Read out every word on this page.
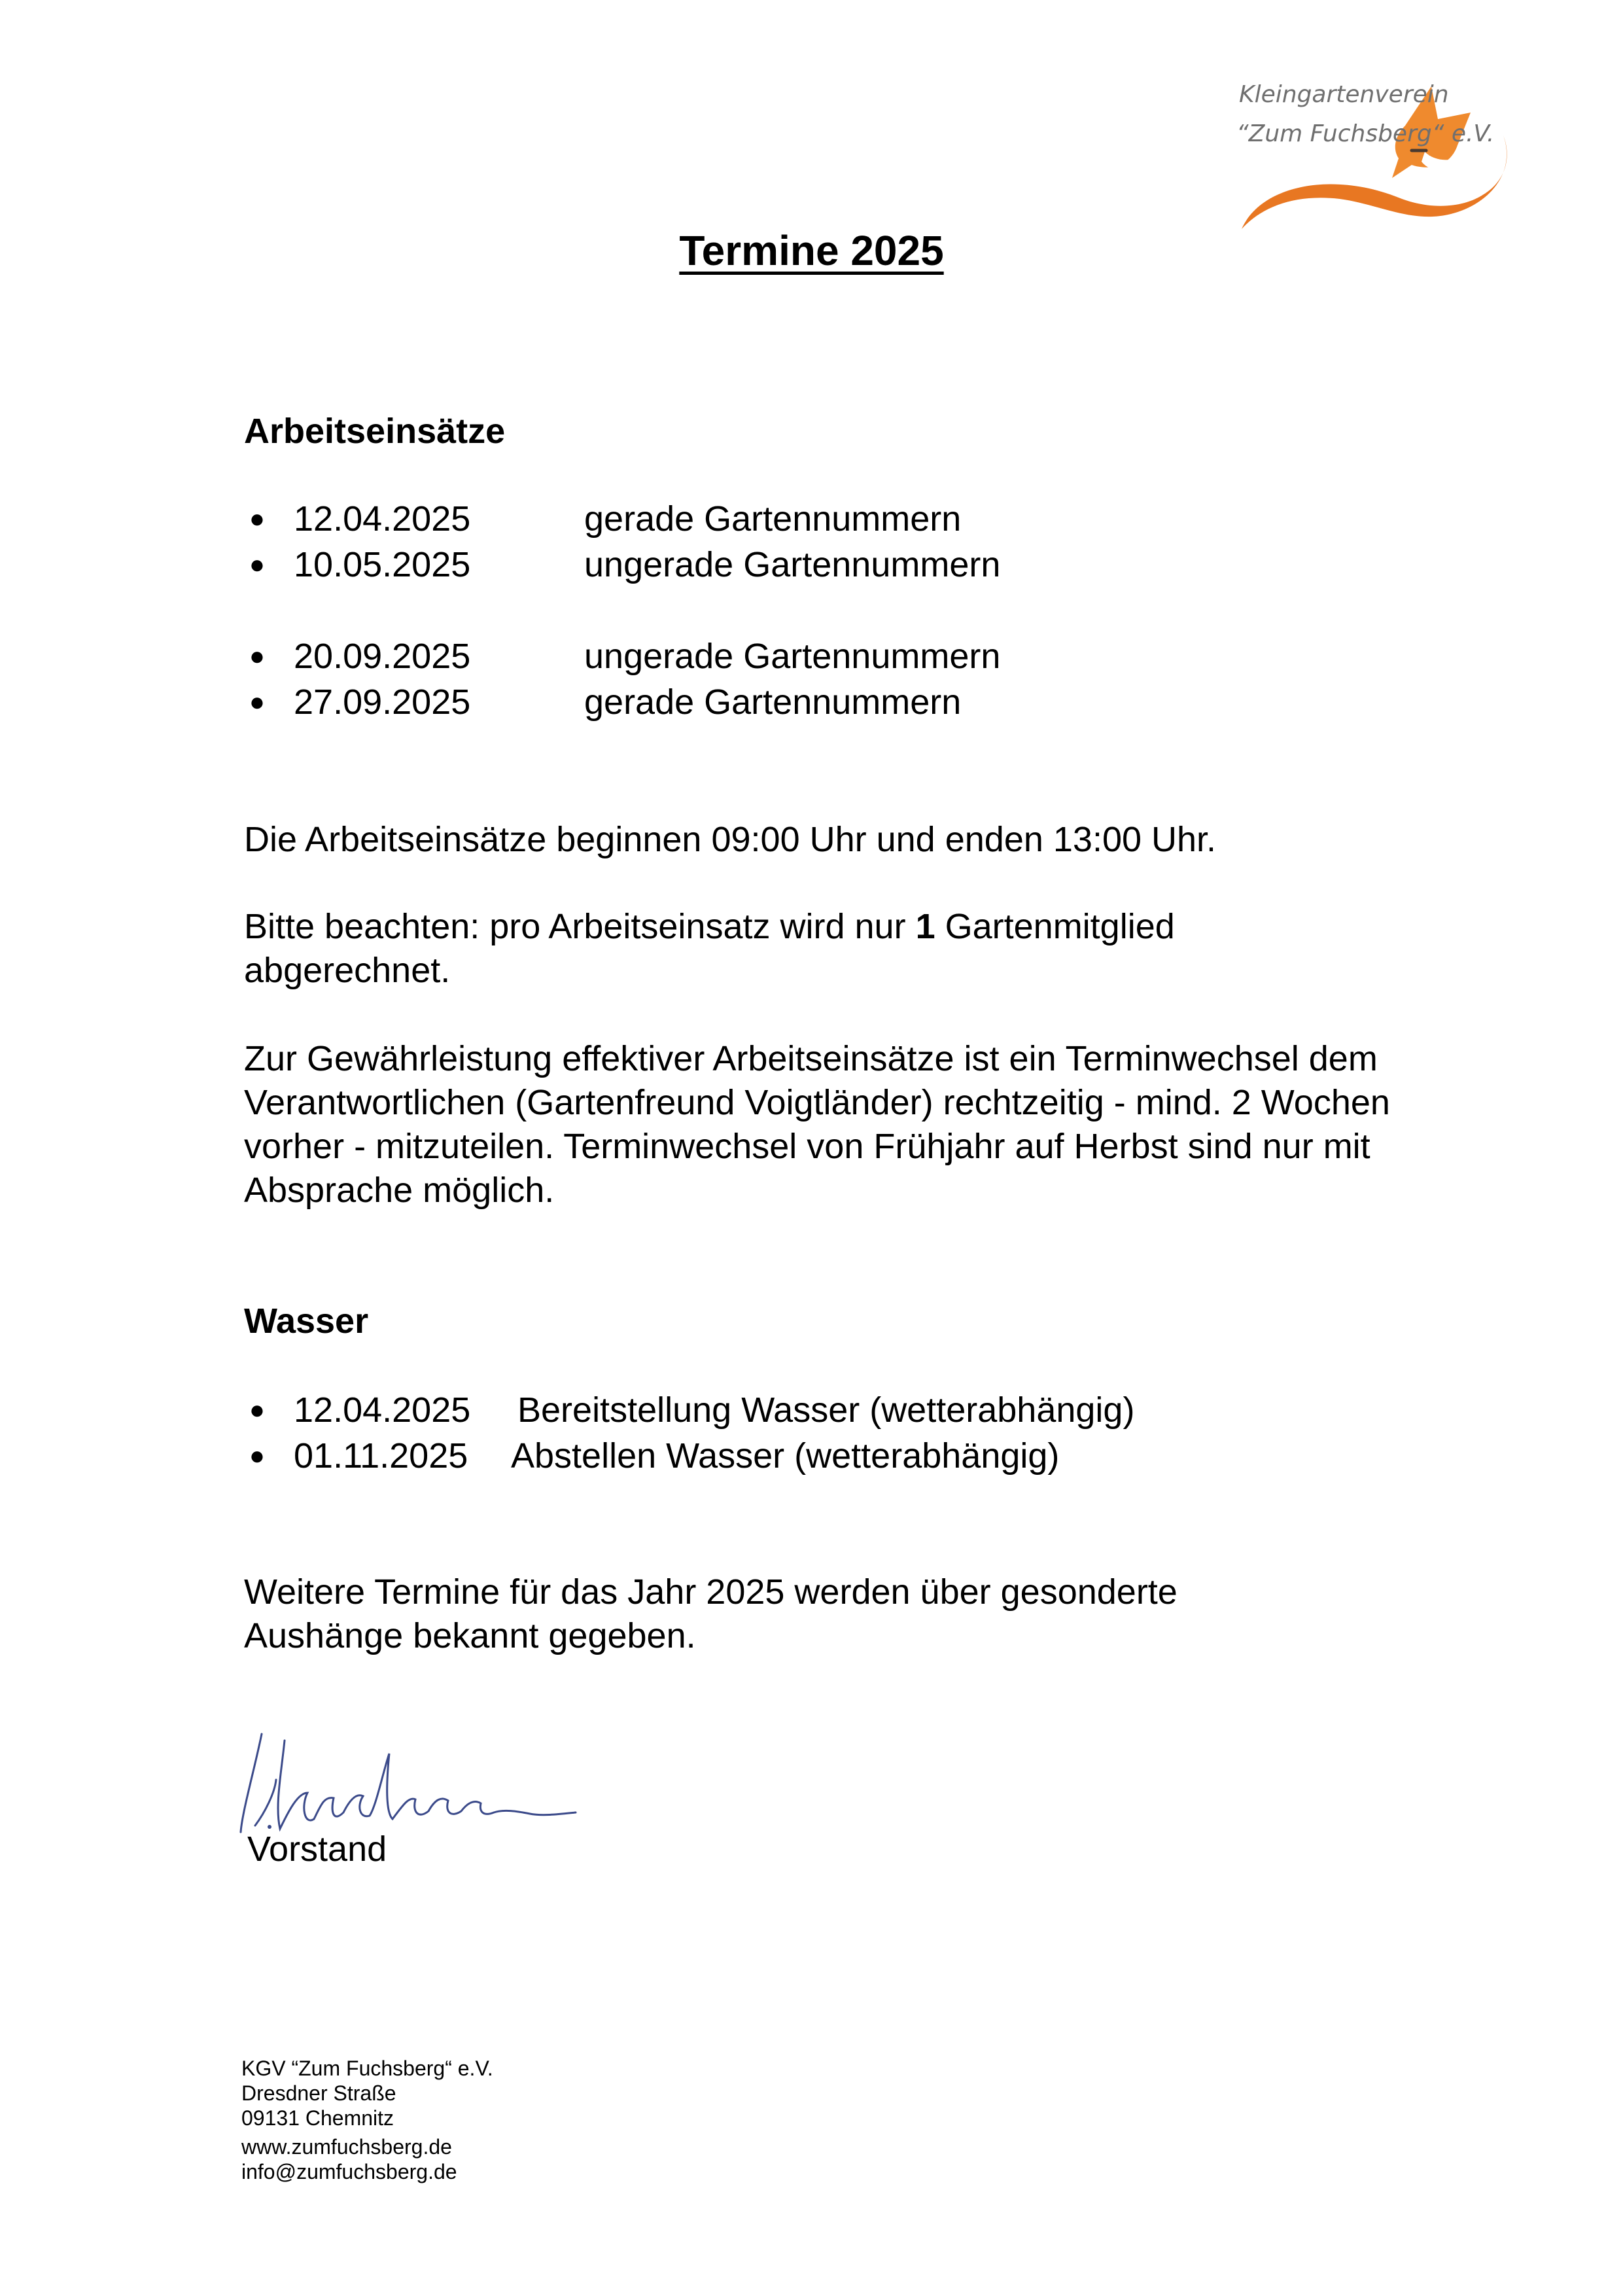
Kleingartenverein
“Zum Fuchsberg“ e.V.
Termine 2025
Arbeitseinsätze
● 12.04.2025	gerade Gartennummern
● 10.05.2025	ungerade Gartennummern
● 20.09.2025	ungerade Gartennummern
● 27.09.2025	gerade Gartennummern
Die Arbeitseinsätze beginnen 09:00 Uhr und enden 13:00 Uhr.
Bitte beachten: pro Arbeitseinsatz wird nur 1 Gartenmitglied abgerechnet.
Zur Gewährleistung effektiver Arbeitseinsätze ist ein Terminwechsel dem Verantwortlichen (Gartenfreund Voigtländer) rechtzeitig - mind. 2 Wochen vorher - mitzuteilen. Terminwechsel von Frühjahr auf Herbst sind nur mit Absprache möglich.
Wasser
● 12.04.2025 Bereitstellung Wasser (wetterabhängig)
● 01.11.2025 Abstellen Wasser (wetterabhängig)
Weitere Termine für das Jahr 2025 werden über gesonderte Aushänge bekannt gegeben.
Vorstand
KGV “Zum Fuchsberg“ e.V.
Dresdner Straße
09131 Chemnitz
www.zumfuchsberg.de
info@zumfuchsberg.de
